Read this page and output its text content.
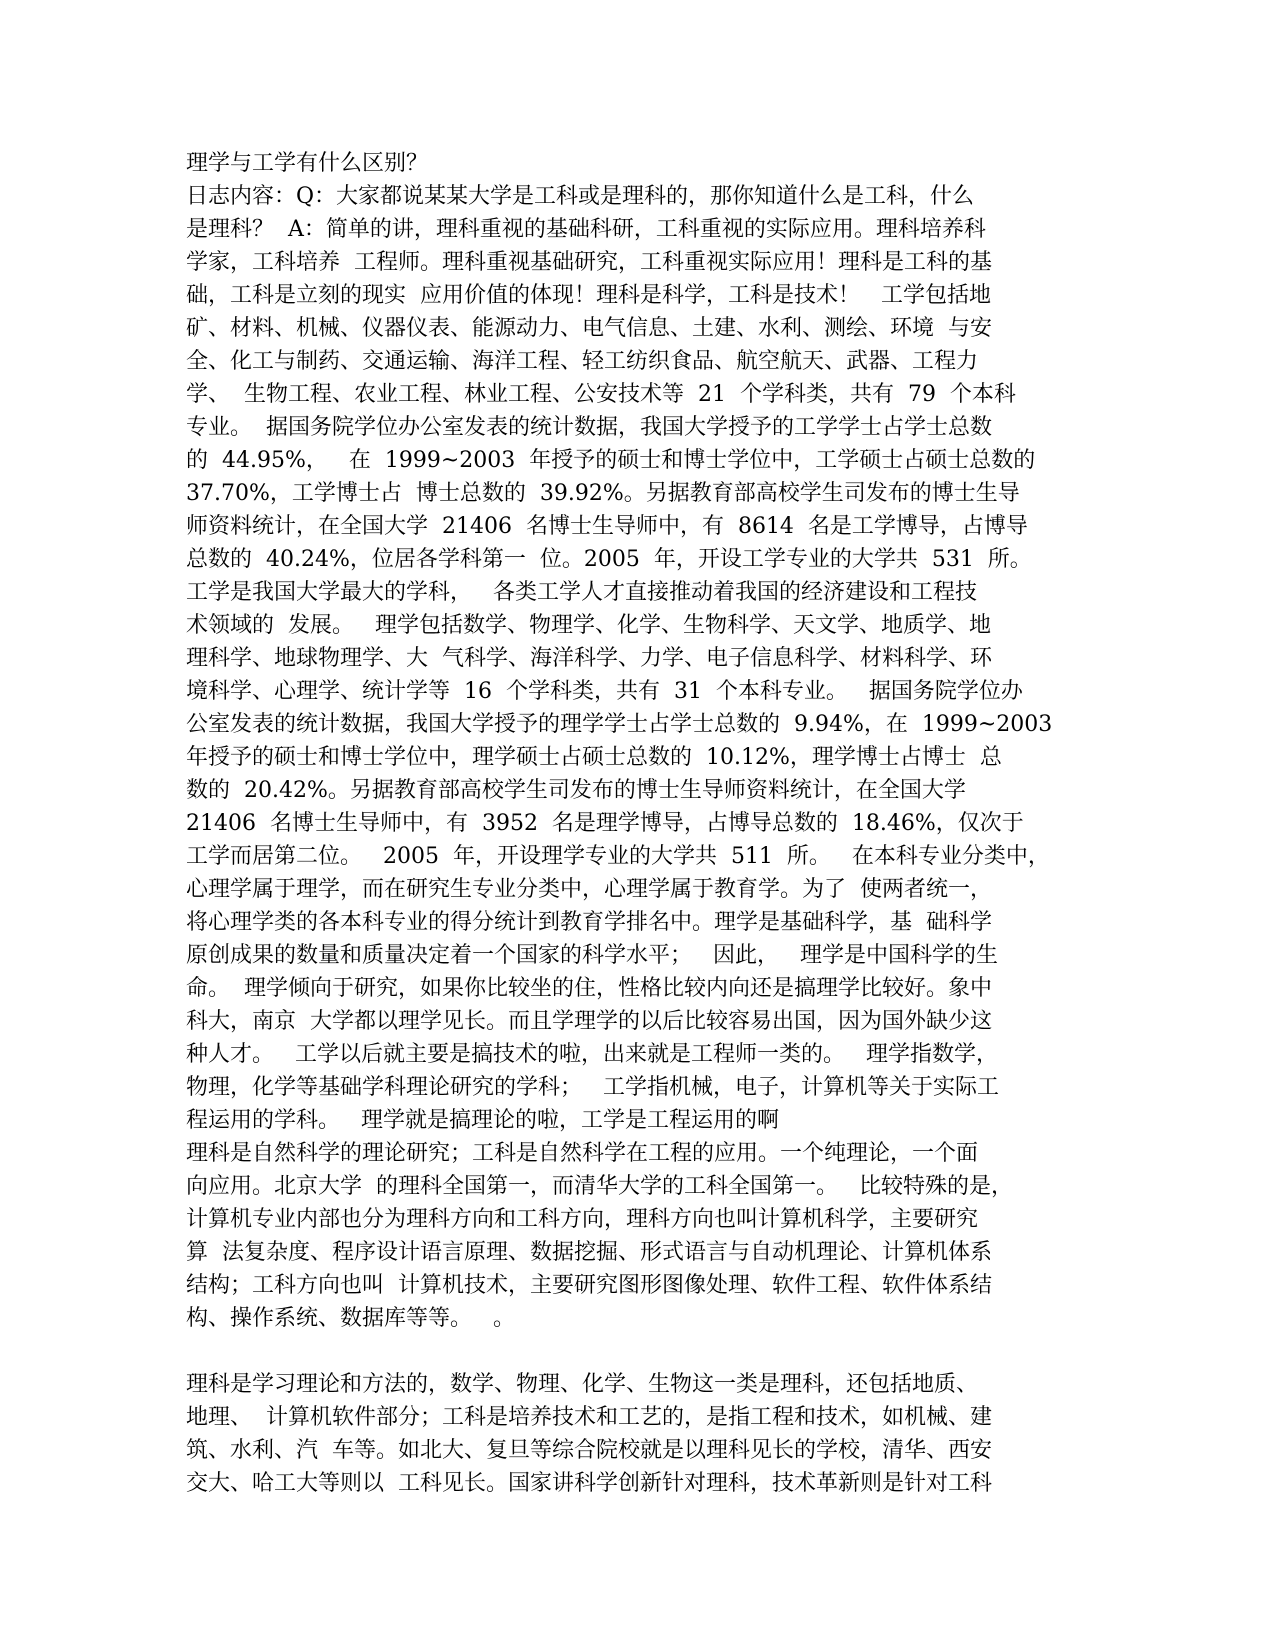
理学与工学有什么区别？
日志内容：Q：大家都说某某大学是工科或是理科的，那你知道什么是工科，什么
是理科？  A：简单的讲，理科重视的基础科研，工科重视的实际应用。理科培养科
学家，工科培养  工程师。理科重视基础研究，工科重视实际应用！理科是工科的基
础，工科是立刻的现实  应用价值的体现！理科是科学，工科是技术！   工学包括地
矿、材料、机械、仪器仪表、能源动力、电气信息、土建、水利、测绘、环境  与安
全、化工与制药、交通运输、海洋工程、轻工纺织食品、航空航天、武器、工程力
学、  生物工程、农业工程、林业工程、公安技术等  21  个学科类，共有  79  个本科
专业。  据国务院学位办公室发表的统计数据，我国大学授予的工学学士占学士总数
的  44.95%，   在  1999~2003  年授予的硕士和博士学位中，工学硕士占硕士总数的
37.70%，工学博士占  博士总数的  39.92%。另据教育部高校学生司发布的博士生导
师资料统计，在全国大学  21406  名博士生导师中，有  8614  名是工学博导，占博导
总数的  40.24%，位居各学科第一  位。2005  年，开设工学专业的大学共  531  所。
工学是我国大学最大的学科，   各类工学人才直接推动着我国的经济建设和工程技
术领域的  发展。   理学包括数学、物理学、化学、生物科学、天文学、地质学、地
理科学、地球物理学、大  气科学、海洋科学、力学、电子信息科学、材料科学、环
境科学、心理学、统计学等  16  个学科类，共有  31  个本科专业。   据国务院学位办
公室发表的统计数据，我国大学授予的理学学士占学士总数的  9.94%，在  1999~2003
年授予的硕士和博士学位中，理学硕士占硕士总数的  10.12%，理学博士占博士  总
数的  20.42%。另据教育部高校学生司发布的博士生导师资料统计，在全国大学
21406  名博士生导师中，有  3952  名是理学博导，占博导总数的  18.46%，仅次于
工学而居第二位。   2005  年，开设理学专业的大学共  511  所。   在本科专业分类中，
心理学属于理学，而在研究生专业分类中，心理学属于教育学。为了  使两者统一，
将心理学类的各本科专业的得分统计到教育学排名中。理学是基础科学，基  础科学
原创成果的数量和质量决定着一个国家的科学水平；   因此，   理学是中国科学的生
命。  理学倾向于研究，如果你比较坐的住，性格比较内向还是搞理学比较好。象中
科大，南京  大学都以理学见长。而且学理学的以后比较容易出国，因为国外缺少这
种人才。   工学以后就主要是搞技术的啦，出来就是工程师一类的。   理学指数学，
物理，化学等基础学科理论研究的学科；   工学指机械，电子，计算机等关于实际工
程运用的学科。   理学就是搞理论的啦，工学是工程运用的啊
理科是自然科学的理论研究；工科是自然科学在工程的应用。一个纯理论，一个面
向应用。北京大学  的理科全国第一，而清华大学的工科全国第一。   比较特殊的是，
计算机专业内部也分为理科方向和工科方向，理科方向也叫计算机科学，主要研究
算  法复杂度、程序设计语言原理、数据挖掘、形式语言与自动机理论、计算机体系
结构；工科方向也叫  计算机技术，主要研究图形图像处理、软件工程、软件体系结
构、操作系统、数据库等等。   。
理科是学习理论和方法的，数学、物理、化学、生物这一类是理科，还包括地质、
地理、  计算机软件部分；工科是培养技术和工艺的，是指工程和技术，如机械、建
筑、水利、汽  车等。如北大、复旦等综合院校就是以理科见长的学校，清华、西安
交大、哈工大等则以  工科见长。国家讲科学创新针对理科，技术革新则是针对工科
